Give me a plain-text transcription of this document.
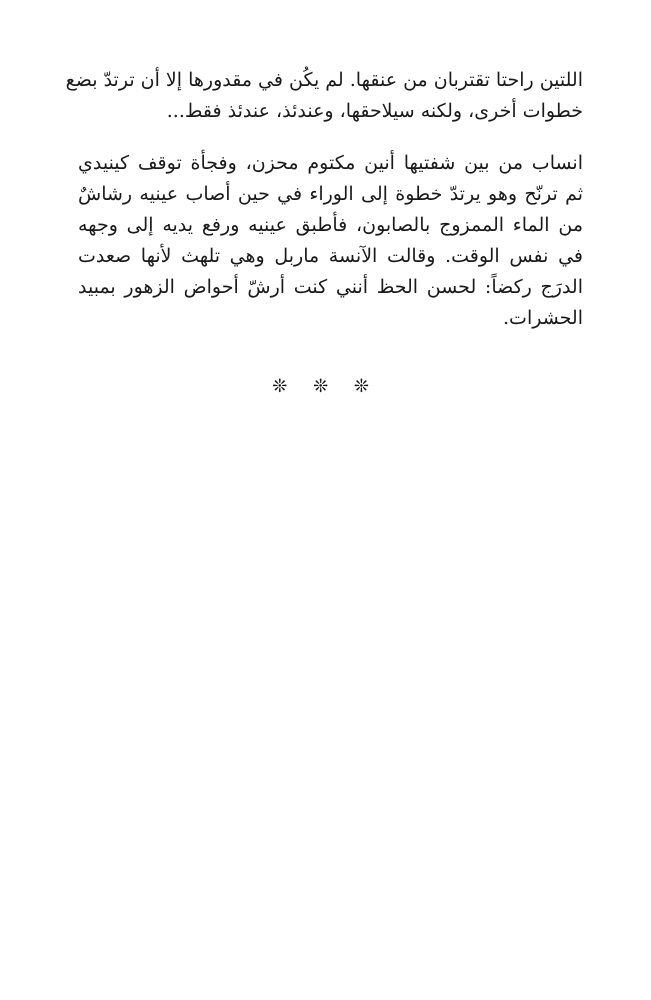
اللتين راحتا تقتربان من عنقها. لم يكُن في مقدورها إلا أن ترتدّ بضع
خطوات أخرى، ولكنه سيلاحقها، وعندئذ، عندئذ فقط...
انساب من بين شفتيها أنين مكتوم محزن، وفجأة توقف كينيدي
ثم ترنّح وهو يرتدّ خطوة إلى الوراء في حين أصاب عينيه رشاشٌ
من الماء الممزوج بالصابون، فأطبق عينيه ورفع يديه إلى وجهه
في نفس الوقت. وقالت الآنسة ماربل وهي تلهث لأنها صعدت
الدرَج ركضاً: لحسن الحظ أنني كنت أرشّ أحواض الزهور بمبيد
الحشرات.
❊ ❊ ❊
